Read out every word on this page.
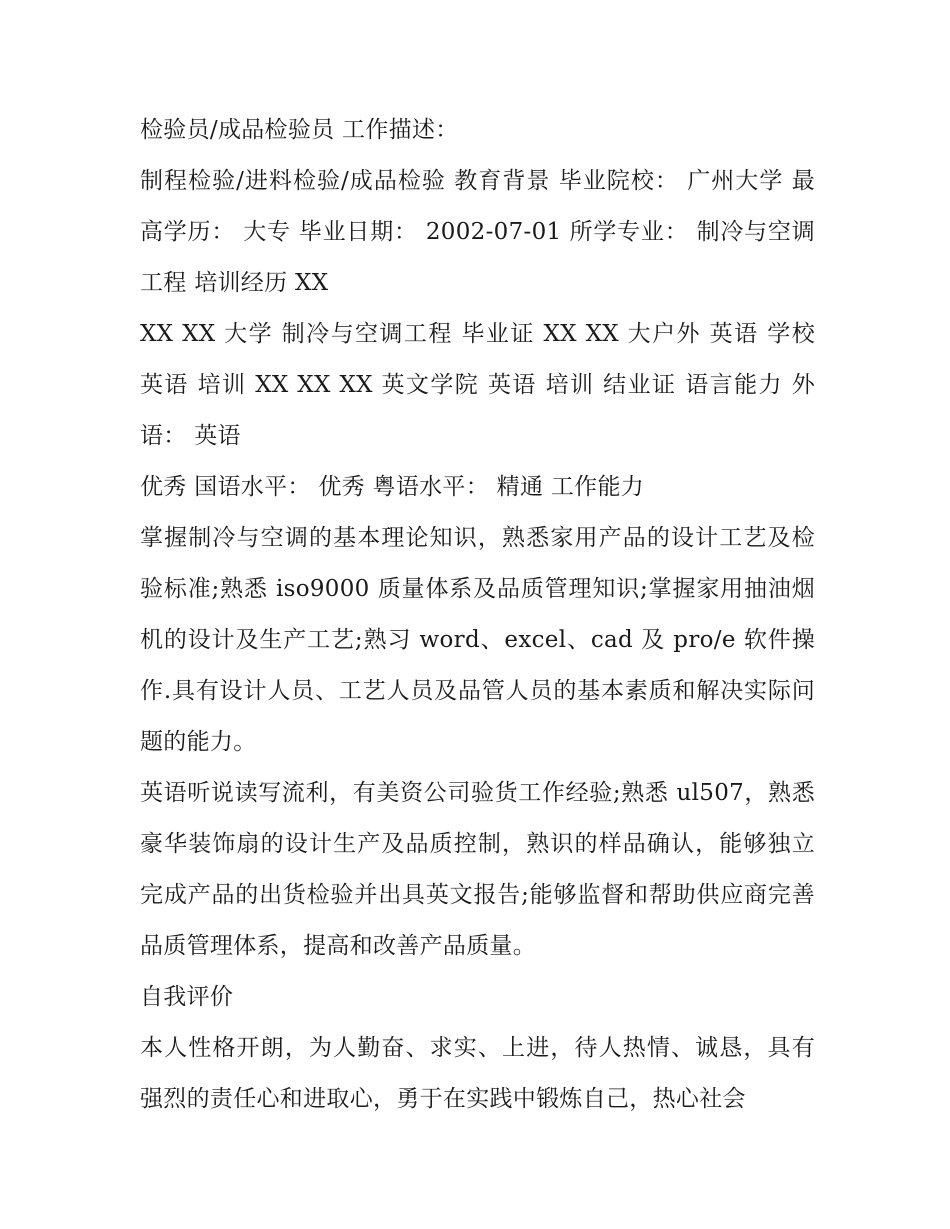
检验员/成品检验员 工作描述：

制程检验/进料检验/成品检验 教育背景 毕业院校： 广州大学 最高学历： 大专 毕业日期： 2002-07-01 所学专业： 制冷与空调工程 培训经历 XX

XX XX 大学 制冷与空调工程 毕业证 XX XX 大户外 英语 学校 英语 培训 XX XX XX 英文学院 英语 培训 结业证 语言能力 外语： 英语

优秀 国语水平： 优秀 粤语水平： 精通 工作能力

掌握制冷与空调的基本理论知识，熟悉家用产品的设计工艺及检验标准;熟悉 iso9000 质量体系及品质管理知识;掌握家用抽油烟机的设计及生产工艺;熟习 word、excel、cad 及 pro/e 软件操作.具有设计人员、工艺人员及品管人员的基本素质和解决实际问题的能力。

英语听说读写流利，有美资公司验货工作经验;熟悉 ul507，熟悉豪华装饰扇的设计生产及品质控制，熟识的样品确认，能够独立完成产品的出货检验并出具英文报告;能够监督和帮助供应商完善品质管理体系，提高和改善产品质量。

自我评价

本人性格开朗，为人勤奋、求实、上进，待人热情、诚恳，具有强烈的责任心和进取心，勇于在实践中锻炼自己，热心社会
